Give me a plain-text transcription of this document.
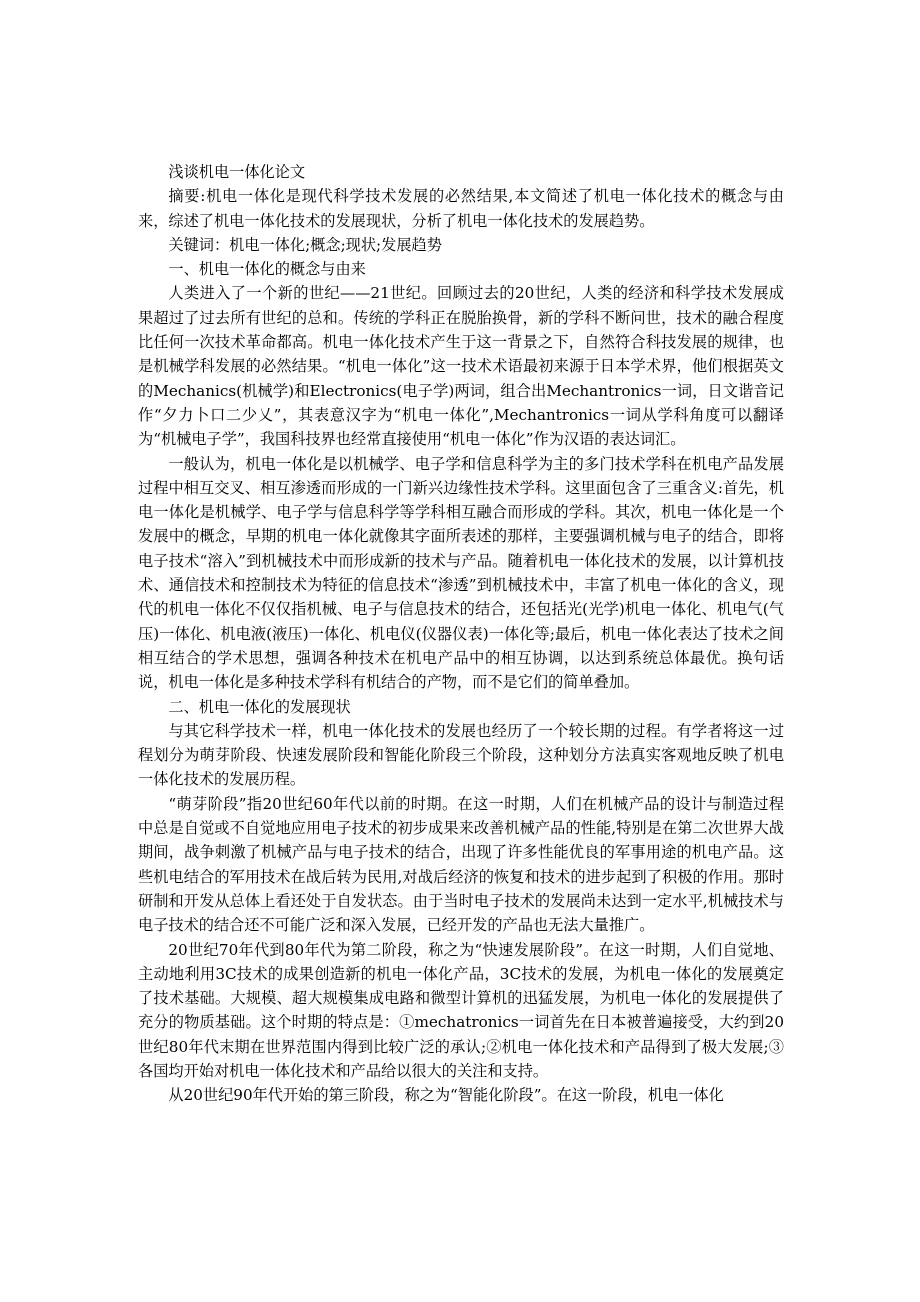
浅谈机电一体化论文

摘要:机电一体化是现代科学技术发展的必然结果,本文简述了机电一体化技术的概念与由来，综述了机电一体化技术的发展现状，分析了机电一体化技术的发展趋势。

关键词：机电一体化;概念;现状;发展趋势

一、机电一体化的概念与由来

人类进入了一个新的世纪——21世纪。回顾过去的20世纪，人类的经济和科学技术发展成果超过了过去所有世纪的总和。传统的学科正在脱胎换骨，新的学科不断问世，技术的融合程度比任何一次技术革命都高。机电一体化技术产生于这一背景之下，自然符合科技发展的规律，也是机械学科发展的必然结果。“机电一体化”这一技术术语最初来源于日本学术界，他们根据英文的Mechanics(机械学)和Electronics(电子学)两词，组合出Mechantronics一词，日文谐音记作“夕力卜口二少乂”，其表意汉字为“机电一体化”,Mechantronics一词从学科角度可以翻译为“机械电子学”，我国科技界也经常直接使用“机电一体化”作为汉语的表达词汇。

一般认为，机电一体化是以机械学、电子学和信息科学为主的多门技术学科在机电产品发展过程中相互交叉、相互渗透而形成的一门新兴边缘性技术学科。这里面包含了三重含义:首先，机电一体化是机械学、电子学与信息科学等学科相互融合而形成的学科。其次，机电一体化是一个发展中的概念，早期的机电一体化就像其字面所表述的那样，主要强调机械与电子的结合，即将电子技术“溶入”到机械技术中而形成新的技术与产品。随着机电一体化技术的发展，以计算机技术、通信技术和控制技术为特征的信息技术“渗透”到机械技术中，丰富了机电一体化的含义，现代的机电一体化不仅仅指机械、电子与信息技术的结合，还包括光(光学)机电一体化、机电气(气压)一体化、机电液(液压)一体化、机电仪(仪器仪表)一体化等;最后，机电一体化表达了技术之间相互结合的学术思想，强调各种技术在机电产品中的相互协调，以达到系统总体最优。换句话说，机电一体化是多种技术学科有机结合的产物，而不是它们的简单叠加。

二、机电一体化的发展现状

与其它科学技术一样，机电一体化技术的发展也经历了一个较长期的过程。有学者将这一过程划分为萌芽阶段、快速发展阶段和智能化阶段三个阶段，这种划分方法真实客观地反映了机电一体化技术的发展历程。

“萌芽阶段”指20世纪60年代以前的时期。在这一时期，人们在机械产品的设计与制造过程中总是自觉或不自觉地应用电子技术的初步成果来改善机械产品的性能,特别是在第二次世界大战期间，战争刺激了机械产品与电子技术的结合，出现了许多性能优良的军事用途的机电产品。这些机电结合的军用技术在战后转为民用,对战后经济的恢复和技术的进步起到了积极的作用。那时研制和开发从总体上看还处于自发状态。由于当时电子技术的发展尚未达到一定水平,机械技术与电子技术的结合还不可能广泛和深入发展，已经开发的产品也无法大量推广。

20世纪70年代到80年代为第二阶段，称之为“快速发展阶段”。在这一时期，人们自觉地、主动地利用3C技术的成果创造新的机电一体化产品，3C技术的发展，为机电一体化的发展奠定了技术基础。大规模、超大规模集成电路和微型计算机的迅猛发展，为机电一体化的发展提供了充分的物质基础。这个时期的特点是：①mechatronics一词首先在日本被普遍接受，大约到20世纪80年代末期在世界范围内得到比较广泛的承认;②机电一体化技术和产品得到了极大发展;③各国均开始对机电一体化技术和产品给以很大的关注和支持。

从20世纪90年代开始的第三阶段，称之为“智能化阶段”。在这一阶段，机电一体化
